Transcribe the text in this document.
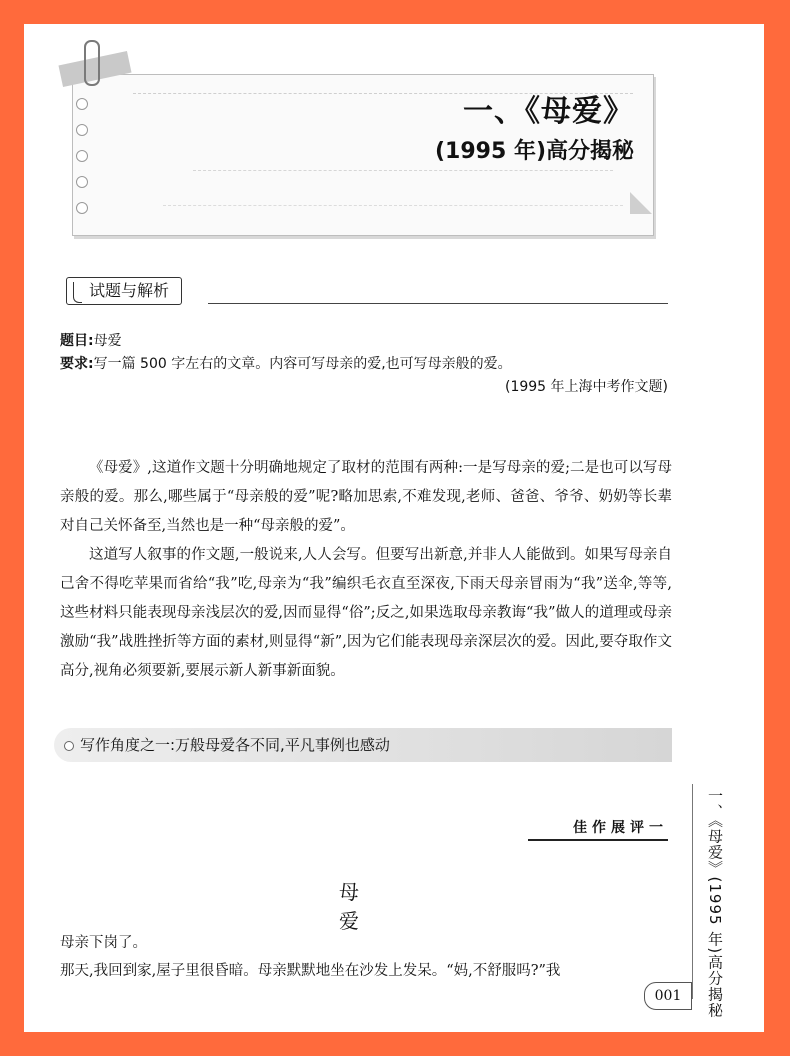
一、《母爱》
(1995 年)高分揭秘
试题与解析
题目:母爱
要求:写一篇 500 字左右的文章。内容可写母亲的爱,也可写母亲般的爱。
(1995 年上海中考作文题)

《母爱》,这道作文题十分明确地规定了取材的范围有两种:一是写母亲的爱;二是也可以写母亲般的爱。那么,哪些属于“母亲般的爱”呢?略加思索,不难发现,老师、爸爸、爷爷、奶奶等长辈对自己关怀备至,当然也是一种“母亲般的爱”。

这道写人叙事的作文题,一般说来,人人会写。但要写出新意,并非人人能做到。如果写母亲自己舍不得吃苹果而省给“我”吃,母亲为“我”编织毛衣直至深夜,下雨天母亲冒雨为“我”送伞,等等,这些材料只能表现母亲浅层次的爱,因而显得“俗”;反之,如果选取母亲教诲“我”做人的道理或母亲激励“我”战胜挫折等方面的素材,则显得“新”,因为它们能表现母亲深层次的爱。因此,要夺取作文高分,视角必须要新,要展示新人新事新面貌。

写作角度之一:万般母爱各不同,平凡事例也感动
佳作展评一
母 爱
母亲下岗了。
那天,我回到家,屋子里很昏暗。母亲默默地坐在沙发上发呆。“妈,不舒服吗?”我	一、《母爱》(1995 年)高分揭秘
001
